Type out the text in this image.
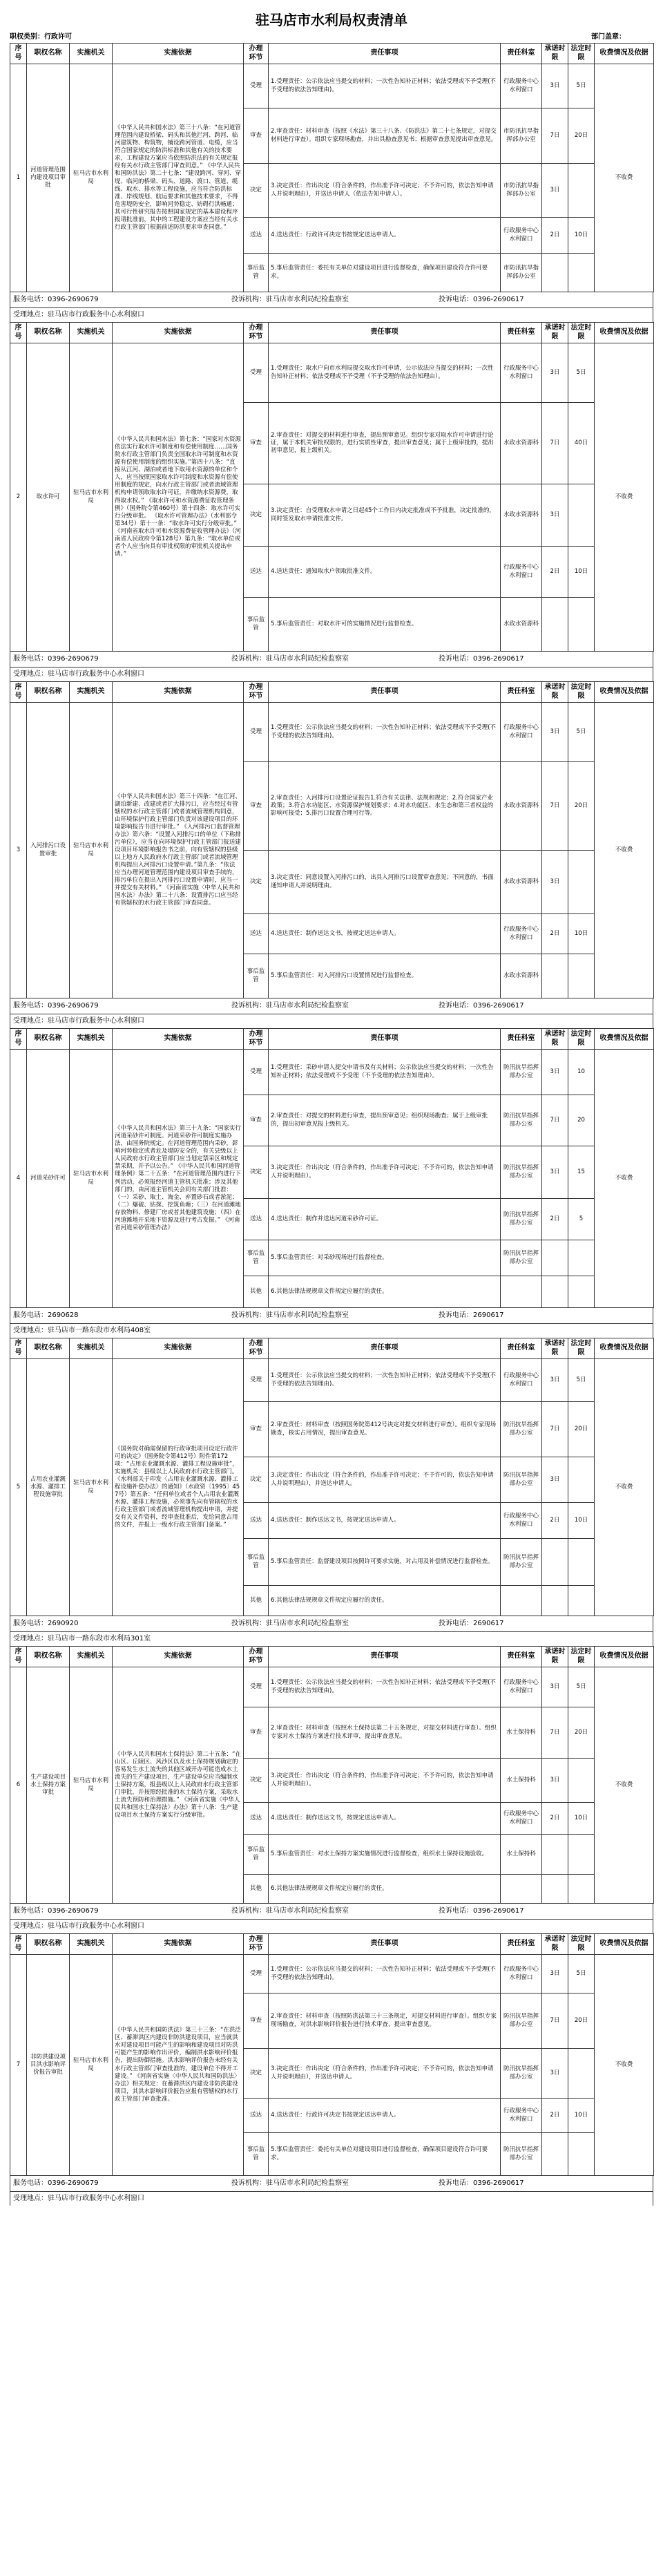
驻马店市水利局权责清单
职权类别：行政许可	部门盖章：
序号	职权名称	实施机关	实施依据	办理环节	责任事项	责任科室	承诺时限	法定时限	收费情况及依据
1	河道管理范围内建设项目审批	驻马店市水利局	《中华人民共和国水法》第三十八条：“在河道管理范围内建设桥梁、码头和其他拦河、跨河、临河建筑物、构筑物，铺设跨河管道、电缆，应当符合国家规定的防洪标准和其他有关的技术要求，工程建设方案应当依照防洪法的有关规定报经有关水行政主管部门审查同意。” 《中华人民共和国防洪法》第二十七条：“建设跨河、穿河、穿堤、临河的桥梁、码头、道路、渡口、管道、缆线、取水、排水等工程设施，应当符合防洪标准、岸线规划、航运要求和其他技术要求，不得危害堤防安全，影响河势稳定、妨碍行洪畅通；其可行性研究报告按照国家规定的基本建设程序报请批准前，其中的工程建设方案应当经有关水行政主管部门根据前述防洪要求审查同意。”	受理	1.受理责任：公示依法应当提交的材料；一次性告知补正材料；依法受理或不予受理(不予受理的依法告知理由)。	行政服务中心水利窗口	3日	5日	不收费
				审查	2.审查责任：材料审查（按照《水法》第三十八条、《防洪法》第二十七条规定，对提交材料进行审查）。组织专家现场勘查，并出具勘查意见书；根据审查意见提出审查意见。	市防汛抗旱指挥部办公室	7日	20日	
				决定	3.决定责任：作出决定（符合条件的，作出准予许可决定；不予许可的，依法告知申请人并说明理由），并送达申请人（依法告知申请人）。	市防汛抗旱指挥部办公室	3日		
				送达	4.送达责任：行政许可决定书按规定送达申请人。	行政服务中心水利窗口	2日	10日	
				事后监管	5.事后监管责任：委托有关单位对建设项目进行监督检查，确保项目建设符合许可要求。	市防汛抗旱指挥部办公室			
服务电话：0396-2690679	投诉机构：驻马店市水利局纪检监察室	投诉电话：0396-2690617
受理地点：驻马店市行政服务中心水利窗口
序号	职权名称	实施机关	实施依据	办理环节	责任事项	责任科室	承诺时限	法定时限	收费情况及依据
2	取水许可	驻马店市水利局	《中华人民共和国水法》第七条：“国家对水资源依法实行取水许可制度和有偿使用制度……国务院水行政主管部门负责全国取水许可制度和水资源有偿使用制度的组织实施。”第四十八条：“直接从江河、湖泊或者地下取用水资源的单位和个人，应当按照国家取水许可制度和水资源有偿使用制度的规定，向水行政主管部门或者流域管理机构申请领取取水许可证，并缴纳水资源费，取得取水权。” 《取水许可和水资源费征收管理条例》（国务院令第460号）第十四条：取水许可实行分级审批。 《取水许可管理办法》（水利部令第34号）第十一条：“取水许可实行分级审批。” 《河南省取水许可和水资源费征收管理办法》（河南省人民政府令第128号）第九条：“取水单位或者个人应当向具有审批权限的审批机关提出申请。”	受理	1.受理责任：取水户向市水利局提交取水许可申请，公示依法应当提交的材料；一次性告知补正材料；依法受理或不予受理（不予受理的依法告知理由）。	行政服务中心水利窗口	3日	5日	不收费
				审查	2.审查责任：对提交的材料进行审查，提出预审意见。组织专家对取水许可申请进行论证，属于本机关审批权限的，进行实质性审查，提出审查意见；属于上级审批的，提出初审意见，报上级机关。	水政水资源科	7日	40日	
				决定	3.决定责任：自受理取水申请之日起45个工作日内决定批准或不予批准，决定批准的，同时签发取水申请批准文件。	水政水资源科	3日		
				送达	4.送达责任：通知取水户领取批准文件。	行政服务中心水利窗口	2日	10日	
				事后监管	5.事后监管责任：对取水许可的实施情况进行监督检查。	水政水资源科			
服务电话：0396-2690679	投诉机构：驻马店市水利局纪检监察室	投诉电话：0396-2690617
受理地点：驻马店市行政服务中心水利窗口
序号	职权名称	实施机关	实施依据	办理环节	责任事项	责任科室	承诺时限	法定时限	收费情况及依据
3	入河排污口设置审批	驻马店市水利局	《中华人民共和国水法》第三十四条：“在江河、湖泊新建、改建或者扩大排污口，应当经过有管辖权的水行政主管部门或者流域管理机构同意，由环境保护行政主管部门负责对该建设项目的环境影响报告书进行审批。” 《入河排污口监督管理办法》第六条：“设置入河排污口的单位（下称排污单位），应当在向环境保护行政主管部门报送建设项目环境影响报告书之前，向有管辖权的县级以上地方人民政府水行政主管部门或者流域管理机构提出入河排污口设置申请。”第九条：“依法应当办理河道管理范围内建设项目审查手续的，排污单位在提出入河排污口设置申请时，应当一并提交有关材料。” 《河南省实施〈中华人民共和国水法〉办法》第二十八条：设置排污口应当经有管辖权的水行政主管部门审查同意。	受理	1.受理责任：公示依法应当提交的材料；一次性告知补正材料；依法受理或不予受理(不予受理的依法告知理由)。	行政服务中心水利窗口	3日	5日	不收费
				审查	2.审查责任：入河排污口设置论证报告1.符合有关法律、法规和规定；2.符合国家产业政策；3.符合水功能区、水资源保护规划要求；4.对水功能区、水生态和第三者权益的影响可接受；5.排污口设置合理可行等。	水政水资源科	7日	20日	
				决定	3.决定责任：同意设置入河排污口的，出具入河排污口设置审查意见；不同意的，书面通知申请人并说明理由。	水政水资源科	3日		
				送达	4.送达责任：制作送达文书，按规定送达申请人。	行政服务中心水利窗口	2日	10日	
				事后监管	5.事后监管责任：对入河排污口设置情况进行监督检查。	水政水资源科			
服务电话：0396-2690679	投诉机构：驻马店市水利局纪检监察室	投诉电话：0396-2690617
受理地点：驻马店市行政服务中心水利窗口
序号	职权名称	实施机关	实施依据	办理环节	责任事项	责任科室	承诺时限	法定时限	收费情况及依据
4	河道采砂许可	驻马店市水利局	《中华人民共和国水法》第三十九条：“国家实行河道采砂许可制度。河道采砂许可制度实施办法，由国务院规定。在河道管理范围内采砂，影响河势稳定或者危及堤防安全的，有关县级以上人民政府水行政主管部门应当划定禁采区和规定禁采期，并予以公告。” 《中华人民共和国河道管理条例》第二十五条：“在河道管理范围内进行下列活动，必须报经河道主管机关批准；涉及其他部门的，由河道主管机关会同有关部门批准：（一）采砂、取土、淘金、弃置砂石或者淤泥；（二）爆破、钻探、挖筑鱼塘；（三）在河道滩地存放物料、修建厂房或者其他建筑设施；（四）在河道滩地开采地下资源及进行考古发掘。” 《河南省河道采砂管理办法》	受理	1.受理责任：采砂申请人提交申请书及有关材料；公示依法应当提交的材料；一次性告知补正材料；依法受理或不予受理（不予受理的依法告知理由）。	防汛抗旱指挥部办公室	3日	10	不收费
				审查	2.审查责任：对提交的材料进行审查，提出预审意见；组织现场勘查；属于上级审批的，提出初审意见报上级机关。	防汛抗旱指挥部办公室	7日	20	
				决定	3.决定责任：作出决定（符合条件的，作出准予许可决定；不予许可的，依法告知申请人并说明理由）。	防汛抗旱指挥部办公室	3日	15	
				送达	4.送达责任：制作并送达河道采砂许可证。	防汛抗旱指挥部办公室	2日	5	
				事后监管	5.事后监管责任：对采砂现场进行监督检查。	防汛抗旱指挥部办公室			
				其他	6.其他法律法规规章文件规定应履行的责任。				
服务电话：2690628	投诉机构：驻马店市水利局纪检监察室	投诉电话：2690617
受理地点：驻马店市一路东段市水利局408室
序号	职权名称	实施机关	实施依据	办理环节	责任事项	责任科室	承诺时限	法定时限	收费情况及依据
5	占用农业灌溉水源、灌排工程设施审批	驻马店市水利局	《国务院对确需保留的行政审批项目设定行政许可的决定》（国务院令第412号）附件第172项：“占用农业灌溉水源、灌排工程设施审批”，实施机关：县级以上人民政府水行政主管部门。 《水利部关于印发〈占用农业灌溉水源、灌排工程设施补偿办法〉的通知》（水政资〔1995〕457号）第五条：“任何单位或者个人占用农业灌溉水源、灌排工程设施，必须事先向有管辖权的水行政主管部门或者流域管理机构提出申请，并提交有关文件资料，经审查批准后，发给同意占用的文件，并报上一级水行政主管部门备案。”	受理	1.受理责任：公示依法应当提交的材料；一次性告知补正材料；依法受理或不予受理(不予受理的依法告知理由)。	行政服务中心水利窗口	3日	5日	不收费
				审查	2.审查责任：材料审查（按照国务院第412号决定对提交材料进行审查）。组织专家现场勘查，核实占用情况，提出审查意见。	防汛抗旱指挥部办公室	7日	20日	
				决定	3.决定责任：作出决定（符合条件的，作出准予许可决定；不予许可的，依法告知申请人并说明理由），并送达申请人。	防汛抗旱指挥部办公室	3日		
				送达	4.送达责任：制作送达文书，按规定送达申请人。	行政服务中心水利窗口	2日	10日	
				事后监管	5.事后监管责任：监督建设项目按照许可要求实施，对占用及补偿情况进行监督检查。	防汛抗旱指挥部办公室			
				其他	6.其他法律法规规章文件规定应履行的责任。				
服务电话：2690920	投诉机构：驻马店市水利局纪检监察室	投诉电话：2690617
受理地点：驻马店市一路东段市水利局301室
序号	职权名称	实施机关	实施依据	办理环节	责任事项	责任科室	承诺时限	法定时限	收费情况及依据
6	生产建设项目水土保持方案审批	驻马店市水利局	《中华人民共和国水土保持法》第二十五条：“在山区、丘陵区、风沙区以及水土保持规划确定的容易发生水土流失的其他区域开办可能造成水土流失的生产建设项目，生产建设单位应当编制水土保持方案，报县级以上人民政府水行政主管部门审批，并按照经批准的水土保持方案，采取水土流失预防和治理措施。” 《河南省实施〈中华人民共和国水土保持法〉办法》第十八条：生产建设项目水土保持方案实行分级审批。	受理	1.受理责任：公示依法应当提交的材料；一次性告知补正材料；依法受理或不予受理(不予受理的依法告知理由)。	行政服务中心水利窗口	3日	5日	不收费
				审查	2.审查责任：材料审查（按照水土保持法第二十五条规定，对提交材料进行审查）。组织专家对水土保持方案进行技术评审，提出审查意见。	水土保持科	7日	20日	
				决定	3.决定责任：作出决定（符合条件的，作出准予许可决定；不予许可的，依法告知申请人并说明理由）。	水土保持科	3日		
				送达	4.送达责任：制作送达文书，按规定送达申请人。	行政服务中心水利窗口	2日	10日	
				事后监管	5.事后监管责任：对水土保持方案实施情况进行监督检查，组织水土保持设施验收。	水土保持科			
				其他	6.其他法律法规规章文件规定应履行的责任。				
服务电话：0396-2690679	投诉机构：驻马店市水利局纪检监察室	投诉电话：0396-2690617
受理地点：驻马店市行政服务中心水利窗口
序号	职权名称	实施机关	实施依据	办理环节	责任事项	责任科室	承诺时限	法定时限	收费情况及依据
7	非防洪建设项目洪水影响评价报告审批	驻马店市水利局	《中华人民共和国防洪法》第三十三条：“在洪泛区、蓄滞洪区内建设非防洪建设项目，应当就洪水对建设项目可能产生的影响和建设项目对防洪可能产生的影响作出评价，编制洪水影响评价报告，提出防御措施。洪水影响评价报告未经有关水行政主管部门审查批准的，建设单位不得开工建设。” 《河南省实施〈中华人民共和国防洪法〉办法》相关规定：在蓄滞洪区内建设非防洪建设项目，其洪水影响评价报告应报有管辖权的水行政主管部门审查批准。	受理	1.受理责任：公示依法应当提交的材料；一次性告知补正材料；依法受理或不予受理(不予受理的依法告知理由)。	行政服务中心水利窗口	3日	5日	不收费
				审查	2.审查责任：材料审查（按照防洪法第三十三条规定，对提交材料进行审查）。组织专家现场勘查，对洪水影响评价报告进行技术审查，提出审查意见。	防汛抗旱指挥部办公室	7日	20日	
				决定	3.决定责任：作出决定（符合条件的，作出准予许可决定；不予许可的，依法告知申请人并说明理由），并送达申请人。	防汛抗旱指挥部办公室	3日		
				送达	4.送达责任：行政许可决定书按规定送达申请人。	行政服务中心水利窗口	2日	10日	
				事后监管	5.事后监管责任：委托有关单位对建设项目进行监督检查，确保项目建设符合许可要求。	防汛抗旱指挥部办公室			
服务电话：0396-2690679	投诉机构：驻马店市水利局纪检监察室	投诉电话：0396-2690617
受理地点：驻马店市行政服务中心水利窗口
